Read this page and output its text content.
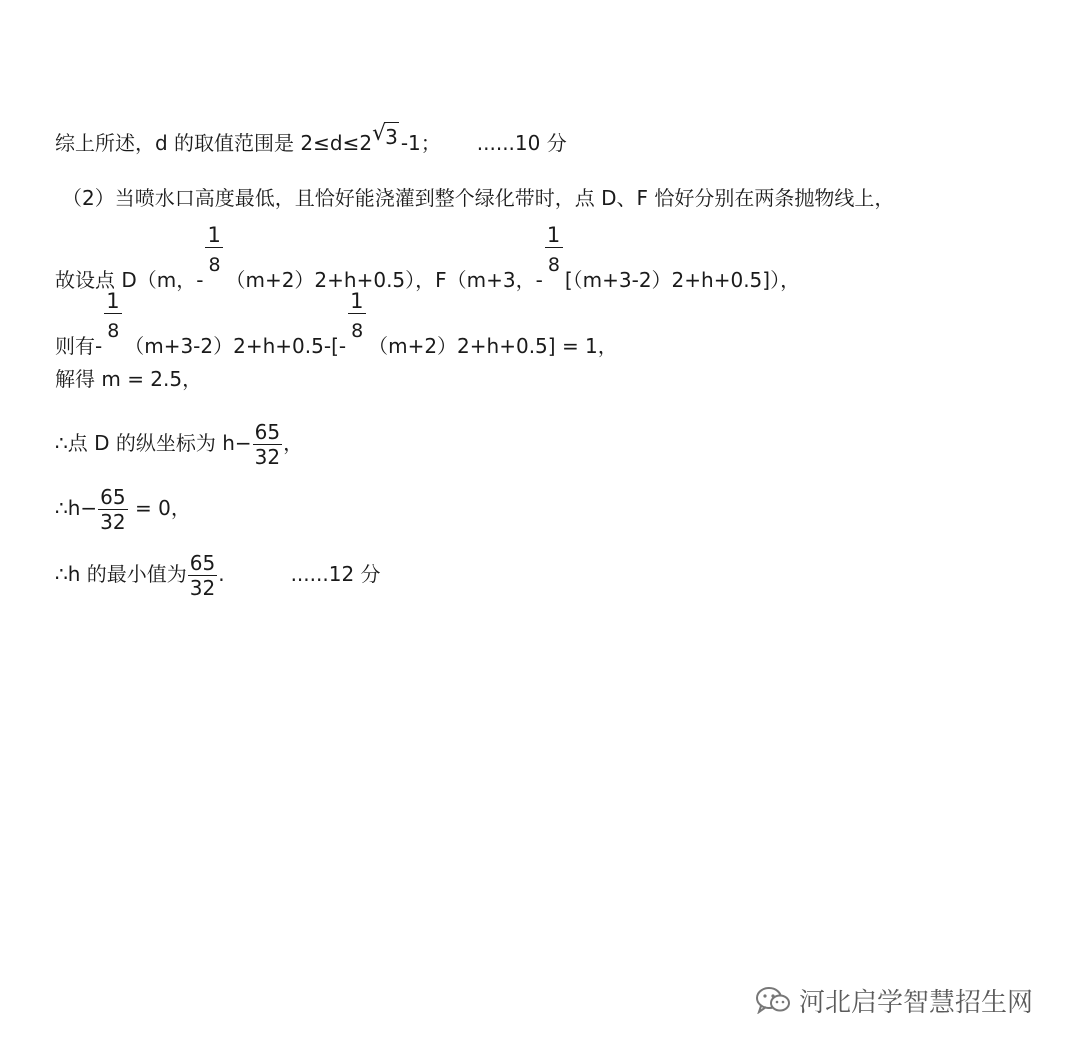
综上所述，d 的取值范围是 2≤d≤2 √
3 -1； ......10 分
（2）当喷水口高度最低，且恰好能浇灌到整个绿化带时，点 D、F 恰好分别在两条抛物线上，
故设点 D（m，- $\frac{1}{8} (m+2)2+h+0.5$），F（m+3，- $\frac{1}{8} [(m+3-2)2+h+0.5]$），
则有- $\frac{1}{8} (m+3-2)2+h+0.5-[- \frac{1}{8} (m+2)2+h+0.5] = 1$，
解得 m = 2.5，
∴点 D 的纵坐标为 $h- \frac{65}{32}$ ，
∴h− $\frac{65}{32} = 0$，
∴h 的最小值为 $\frac{65}{32}$ .	......12 分
河北启学智慧招生网
